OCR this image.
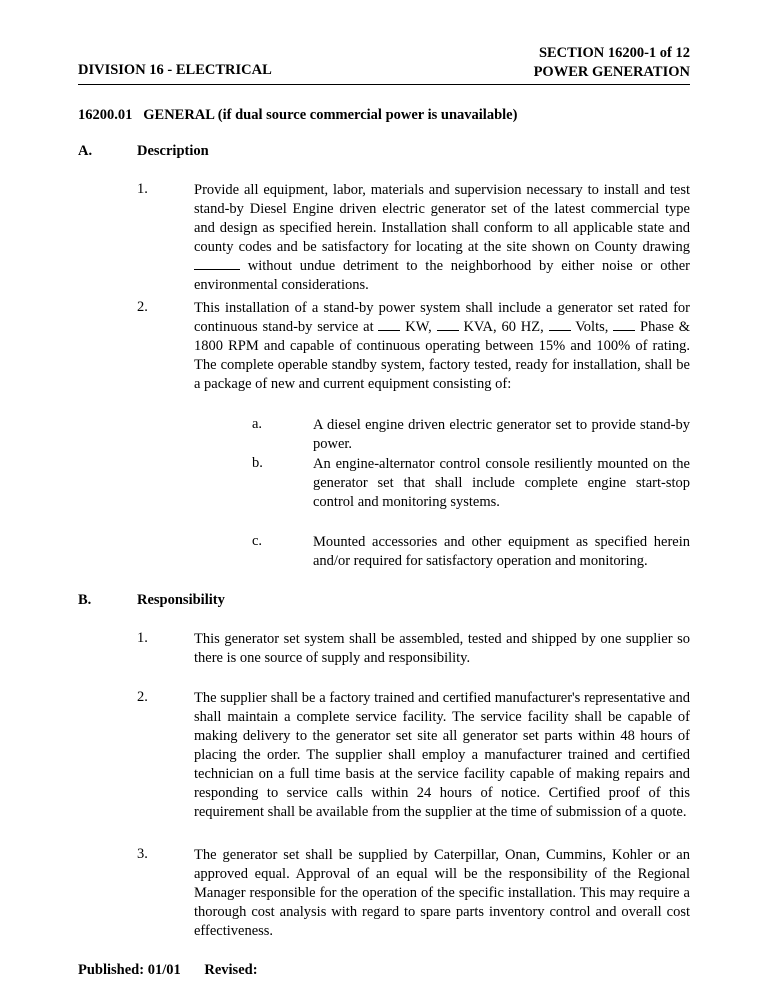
DIVISION 16 - ELECTRICAL
SECTION 16200-1 of 12
POWER GENERATION
16200.01   GENERAL (if dual source commercial power is unavailable)
A.	Description
1.	Provide all equipment, labor, materials and supervision necessary to install and test stand-by Diesel Engine driven electric generator set of the latest commercial type and design as specified herein. Installation shall conform to all applicable state and county codes and be satisfactory for locating at the site shown on County drawing  without undue detriment to the neighborhood by either noise or other environmental considerations.

2.	This installation of a stand-by power system shall include a generator set rated for continuous stand-by service at  KW,  KVA, 60 HZ,  Volts,  Phase & 1800 RPM and capable of continuous operating between 15% and 100% of rating. The complete operable standby system, factory tested, ready for installation, shall be a package of new and current equipment consisting of:

a.	A diesel engine driven electric generator set to provide stand-by power.

b.	An engine-alternator control console resiliently mounted on the generator set that shall include complete engine start-stop control and monitoring systems.

c.	Mounted accessories and other equipment as specified herein and/or required for satisfactory operation and monitoring.

B.	Responsibility
1.	This generator set system shall be assembled, tested and shipped by one supplier so there is one source of supply and responsibility.

2.	The supplier shall be a factory trained and certified manufacturer's representative and shall maintain a complete service facility. The service facility shall be capable of making delivery to the generator set site all generator set parts within 48 hours of placing the order. The supplier shall employ a manufacturer trained and certified technician on a full time basis at the service facility capable of making repairs and responding to service calls within 24 hours of notice. Certified proof of this requirement shall be available from the supplier at the time of submission of a quote.

3.	The generator set shall be supplied by Caterpillar, Onan, Cummins, Kohler or an approved equal. Approval of an equal will be the responsibility of the Regional Manager responsible for the operation of the specific installation. This may require a thorough cost analysis with regard to spare parts inventory control and overall cost effectiveness.

Published: 01/01 Revised:
